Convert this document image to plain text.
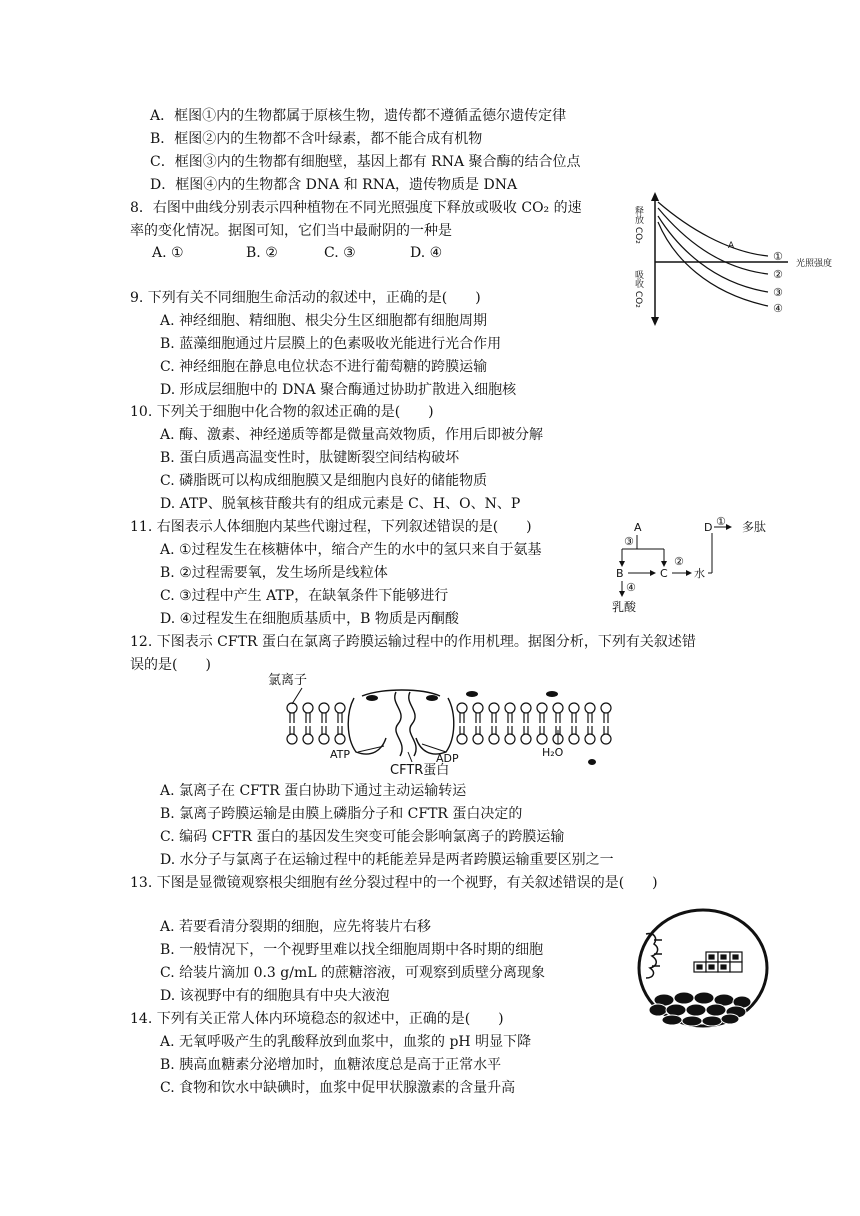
A．框图①内的生物都属于原核生物，遗传都不遵循孟德尔遗传定律
B．框图②内的生物都不含叶绿素，都不能合成有机物
C．框图③内的生物都有细胞壁，基因上都有 RNA 聚合酶的结合位点
D．框图④内的生物都含 DNA 和 RNA，遗传物质是 DNA
8．右图中曲线分别表示四种植物在不同光照强度下释放或吸收 CO₂ 的速
率的变化情况。据图可知，它们当中最耐阴的一种是
A. ①	B. ②	C. ③	D. ④
释放 CO₂
吸收 CO₂
光照强度
A
①
②
③
④
9. 下列有关不同细胞生命活动的叙述中，正确的是(　　)
A. 神经细胞、精细胞、根尖分生区细胞都有细胞周期
B. 蓝藻细胞通过片层膜上的色素吸收光能进行光合作用
C. 神经细胞在静息电位状态不进行葡萄糖的跨膜运输
D. 形成层细胞中的 DNA 聚合酶通过协助扩散进入细胞核
10. 下列关于细胞中化合物的叙述正确的是(　　)
A. 酶、激素、神经递质等都是微量高效物质，作用后即被分解
B. 蛋白质遇高温变性时，肽键断裂空间结构破坏
C. 磷脂既可以构成细胞膜又是细胞内良好的储能物质
D. ATP、脱氧核苷酸共有的组成元素是 C、H、O、N、P
11. 右图表示人体细胞内某些代谢过程，下列叙述错误的是(　　)
A. ①过程发生在核糖体中，缩合产生的水中的氢只来自于氨基
B. ②过程需要氧，发生场所是线粒体
C. ③过程中产生 ATP，在缺氧条件下能够进行
D. ④过程发生在细胞质基质中，B 物质是丙酮酸
A
③
B	C
②
水
D ① 多肽
④
乳酸
12. 下图表示 CFTR 蛋白在氯离子跨膜运输过程中的作用机理。据图分析，下列有关叙述错
误的是(　　)
氯离子
ATP	ADP	H₂O
CFTR蛋白
A. 氯离子在 CFTR 蛋白协助下通过主动运输转运
B. 氯离子跨膜运输是由膜上磷脂分子和 CFTR 蛋白决定的
C. 编码 CFTR 蛋白的基因发生突变可能会影响氯离子的跨膜运输
D. 水分子与氯离子在运输过程中的耗能差异是两者跨膜运输重要区别之一
13. 下图是显微镜观察根尖细胞有丝分裂过程中的一个视野，有关叙述错误的是(　　)
A. 若要看清分裂期的细胞，应先将装片右移
B. 一般情况下，一个视野里难以找全细胞周期中各时期的细胞
C. 给装片滴加 0.3 g/mL 的蔗糖溶液，可观察到质壁分离现象
D. 该视野中有的细胞具有中央大液泡
14. 下列有关正常人体内环境稳态的叙述中，正确的是(　　)
A. 无氧呼吸产生的乳酸释放到血浆中，血浆的 pH 明显下降
B. 胰高血糖素分泌增加时，血糖浓度总是高于正常水平
C. 食物和饮水中缺碘时，血浆中促甲状腺激素的含量升高
